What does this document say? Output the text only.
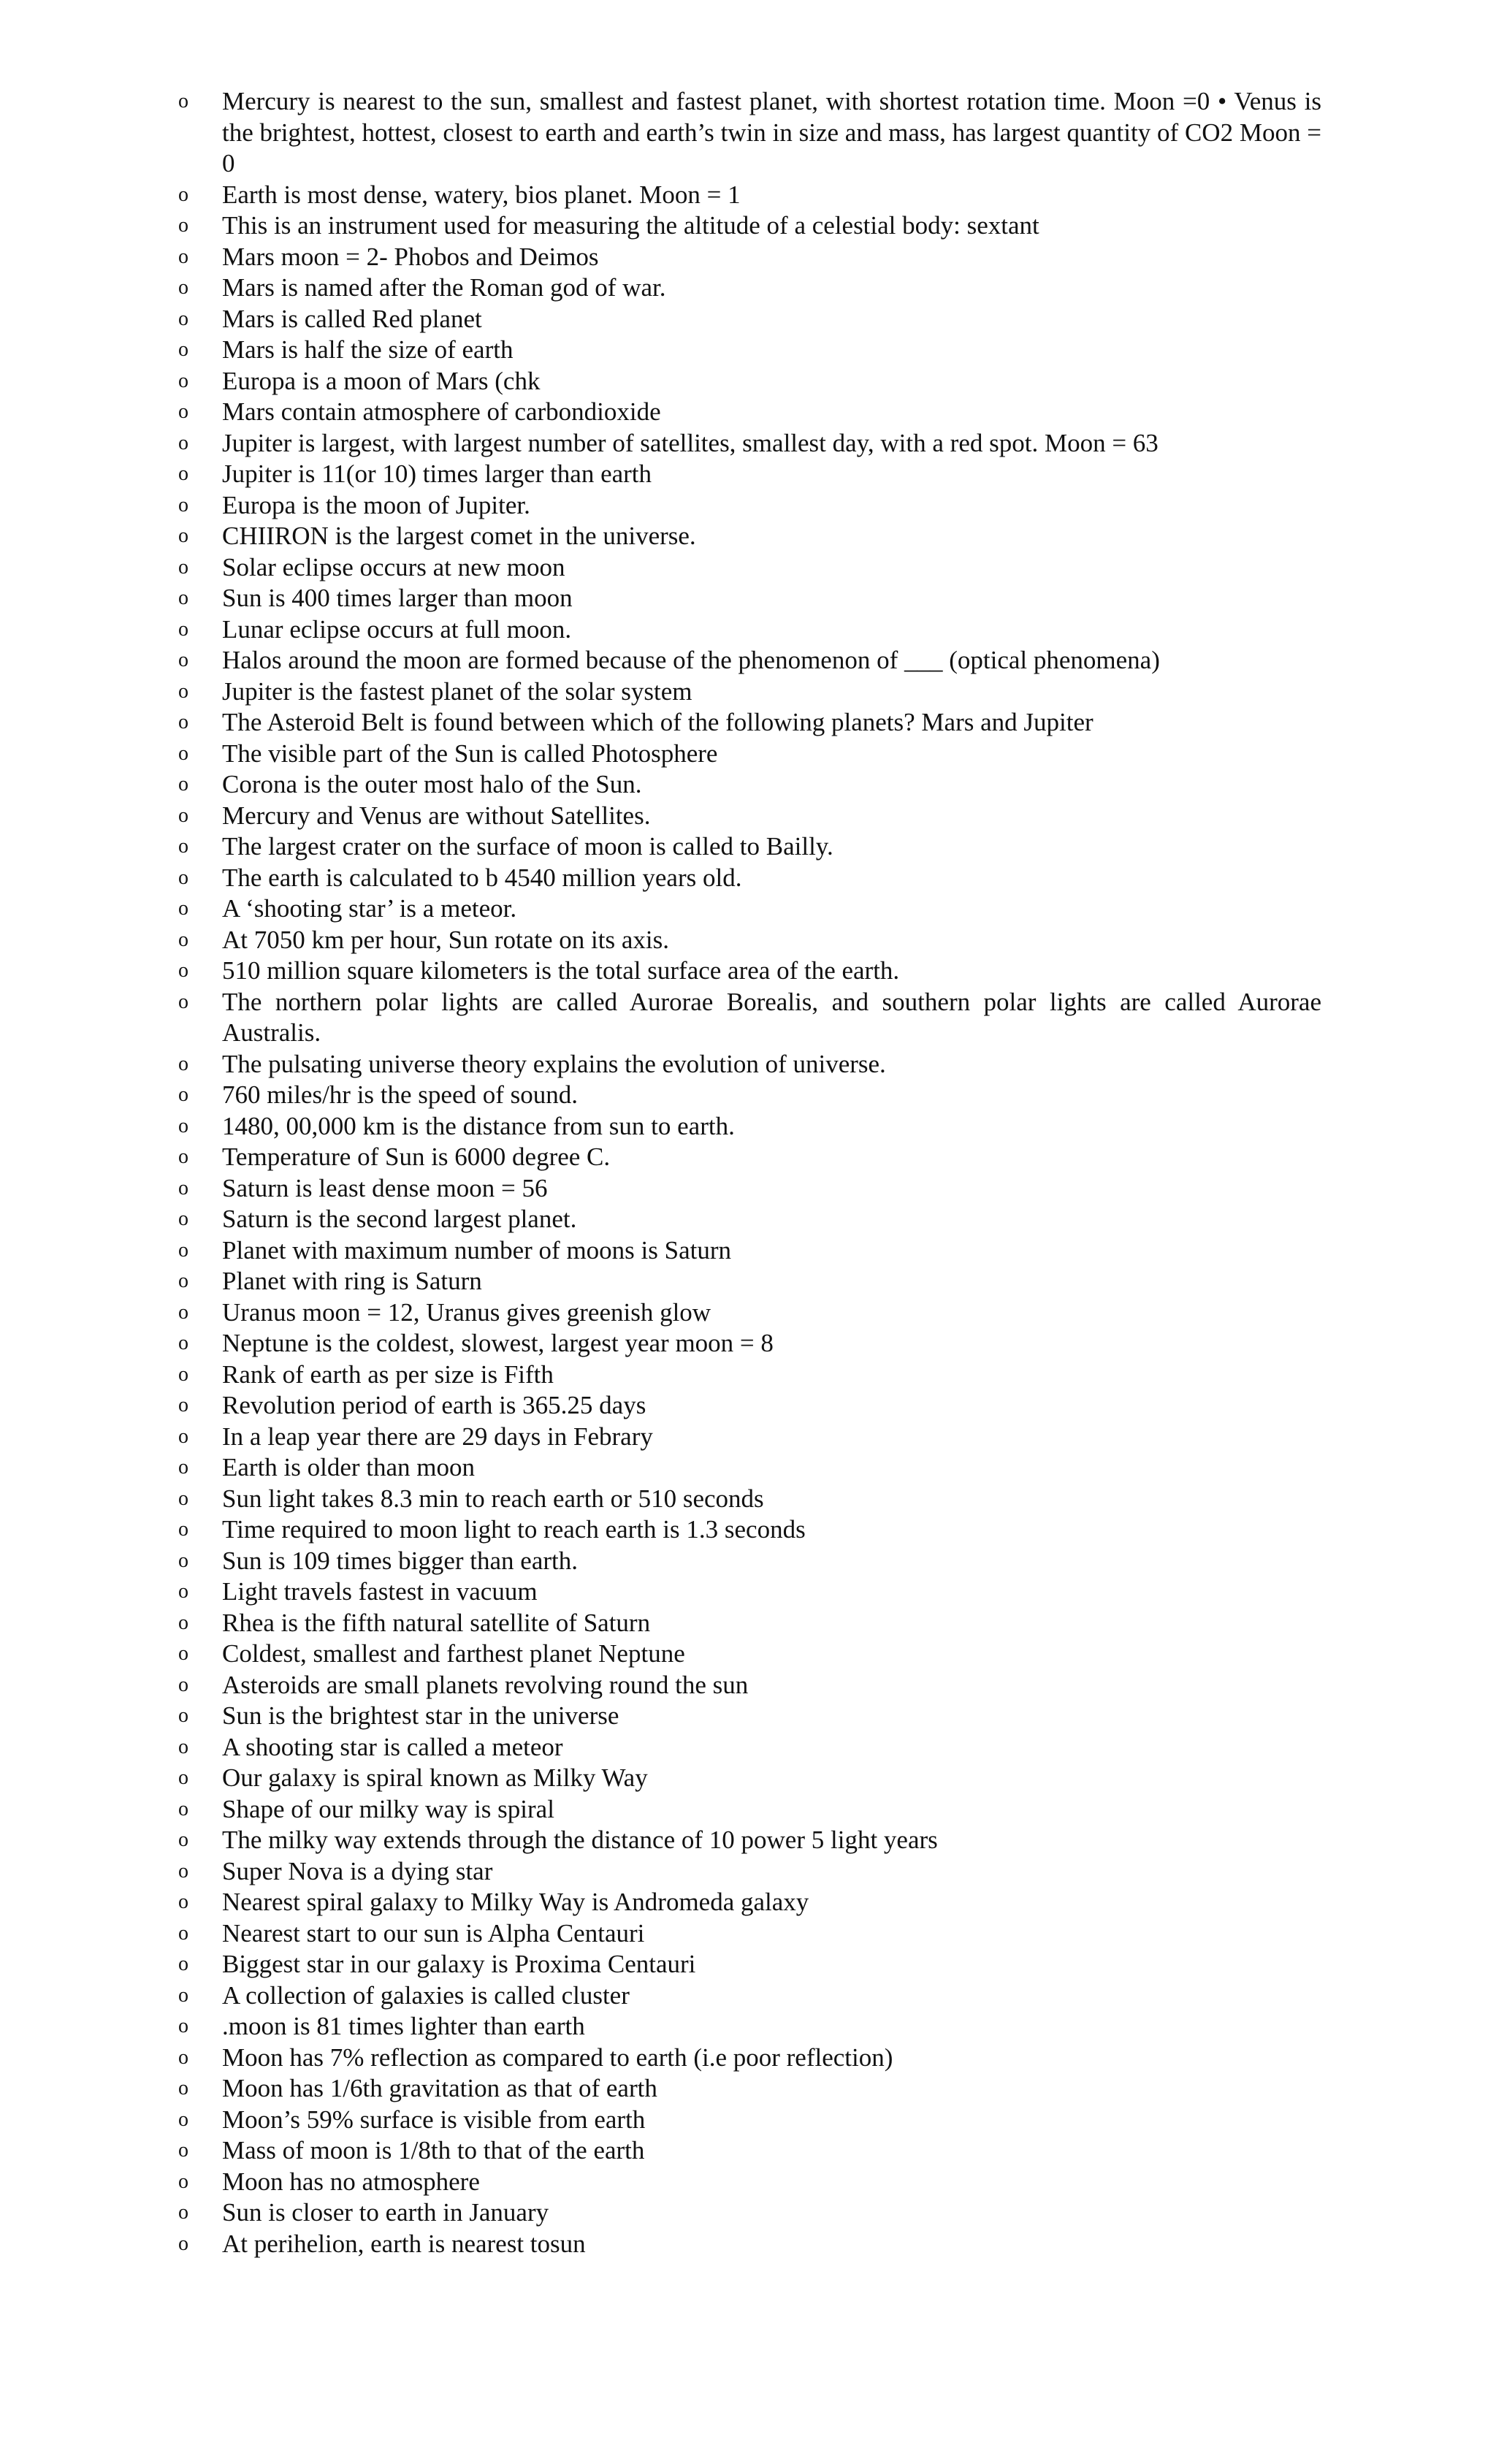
o	Mercury is nearest to the sun, smallest and fastest planet, with shortest rotation time. Moon =0 • Venus is the brightest, hottest, closest to earth and earth’s twin in size and mass, has largest quantity of CO2 Moon = 0
o	Earth is most dense, watery, bios planet. Moon = 1
o	This is an instrument used for measuring the altitude of a celestial body: sextant
o	Mars moon = 2- Phobos and Deimos
o	Mars is named after the Roman god of war.
o	Mars is called Red planet
o	Mars is half the size of earth
o	Europa is a moon of Mars (chk
o	Mars contain atmosphere of carbondioxide
o	Jupiter is largest, with largest number of satellites, smallest day, with a red spot. Moon = 63
o	Jupiter is 11(or 10) times larger than earth
o	Europa is the moon of Jupiter.
o	CHIIRON is the largest comet in the universe.
o	Solar eclipse occurs at new moon
o	Sun is 400 times larger than moon
o	Lunar eclipse occurs at full moon.
o	Halos around the moon are formed because of the phenomenon of ___ (optical phenomena)
o	Jupiter is the fastest planet of the solar system
o	The Asteroid Belt is found between which of the following planets? Mars and Jupiter
o	The visible part of the Sun is called Photosphere
o	Corona is the outer most halo of the Sun.
o	Mercury and Venus are without Satellites.
o	The largest crater on the surface of moon is called to Bailly.
o	The earth is calculated to b 4540 million years old.
o	A ‘shooting star’ is a meteor.
o	At 7050 km per hour, Sun rotate on its axis.
o	510 million square kilometers is the total surface area of the earth.
o	The northern polar lights are called Aurorae Borealis, and southern polar lights are called Aurorae Australis.
o	The pulsating universe theory explains the evolution of universe.
o	760 miles/hr is the speed of sound.
o	1480, 00,000 km is the distance from sun to earth.
o	Temperature of Sun is 6000 degree C.
o	Saturn is least dense moon = 56
o	Saturn is the second largest planet.
o	Planet with maximum number of moons is Saturn
o	Planet with ring is Saturn
o	Uranus moon = 12, Uranus gives greenish glow
o	Neptune is the coldest, slowest, largest year moon = 8
o	Rank of earth as per size is Fifth
o	Revolution period of earth is 365.25 days
o	In a leap year there are 29 days in Febrary
o	Earth is older than moon
o	Sun light takes 8.3 min to reach earth or 510 seconds
o	Time required to moon light to reach earth is 1.3 seconds
o	Sun is 109 times bigger than earth.
o	Light travels fastest in vacuum
o	Rhea is the fifth natural satellite of Saturn
o	Coldest, smallest and farthest planet Neptune
o	Asteroids are small planets revolving round the sun
o	Sun is the brightest star in the universe
o	A shooting star is called a meteor
o	Our galaxy is spiral known as Milky Way
o	Shape of our milky way is spiral
o	The milky way extends through the distance of 10 power 5 light years
o	Super Nova is a dying star
o	Nearest spiral galaxy to Milky Way is Andromeda galaxy
o	Nearest start to our sun is Alpha Centauri
o	Biggest star in our galaxy is Proxima Centauri
o	A collection of galaxies is called cluster
o	.moon is 81 times lighter than earth
o	Moon has 7% reflection as compared to earth (i.e poor reflection)
o	Moon has 1/6th gravitation as that of earth
o	Moon’s 59% surface is visible from earth
o	Mass of moon is 1/8th to that of the earth
o	Moon has no atmosphere
o	Sun is closer to earth in January
o	At perihelion, earth is nearest tosun
